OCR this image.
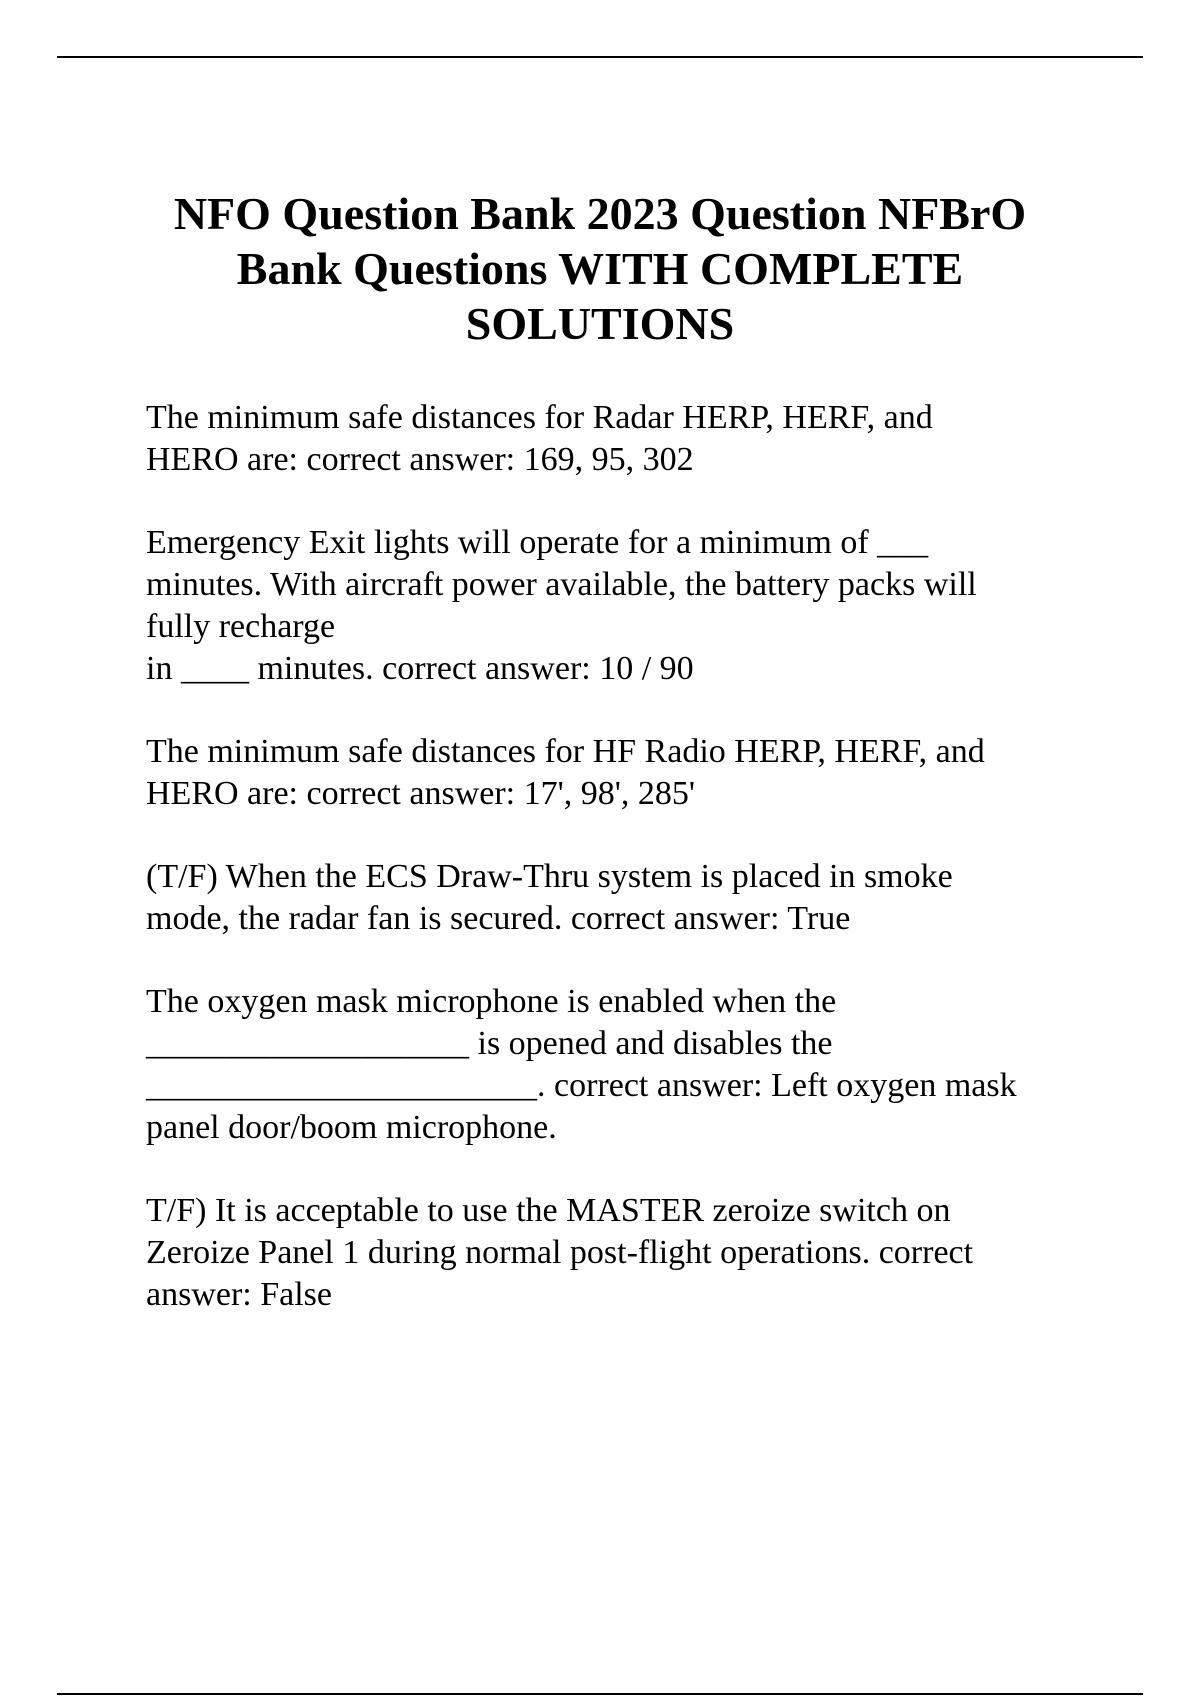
NFO Question Bank 2023 Question NFBrO
Bank Questions WITH COMPLETE
SOLUTIONS

The minimum safe distances for Radar HERP, HERF, and
HERO are: correct answer: 169, 95, 302

Emergency Exit lights will operate for a minimum of ___
minutes. With aircraft power available, the battery packs will
fully recharge
in ____ minutes. correct answer: 10 / 90

The minimum safe distances for HF Radio HERP, HERF, and
HERO are: correct answer: 17', 98', 285'

(T/F) When the ECS Draw-Thru system is placed in smoke
mode, the radar fan is secured. correct answer: True

The oxygen mask microphone is enabled when the
___________________ is opened and disables the
_______________________. correct answer: Left oxygen mask
panel door/boom microphone.

T/F) It is acceptable to use the MASTER zeroize switch on
Zeroize Panel 1 during normal post-flight operations. correct
answer: False
